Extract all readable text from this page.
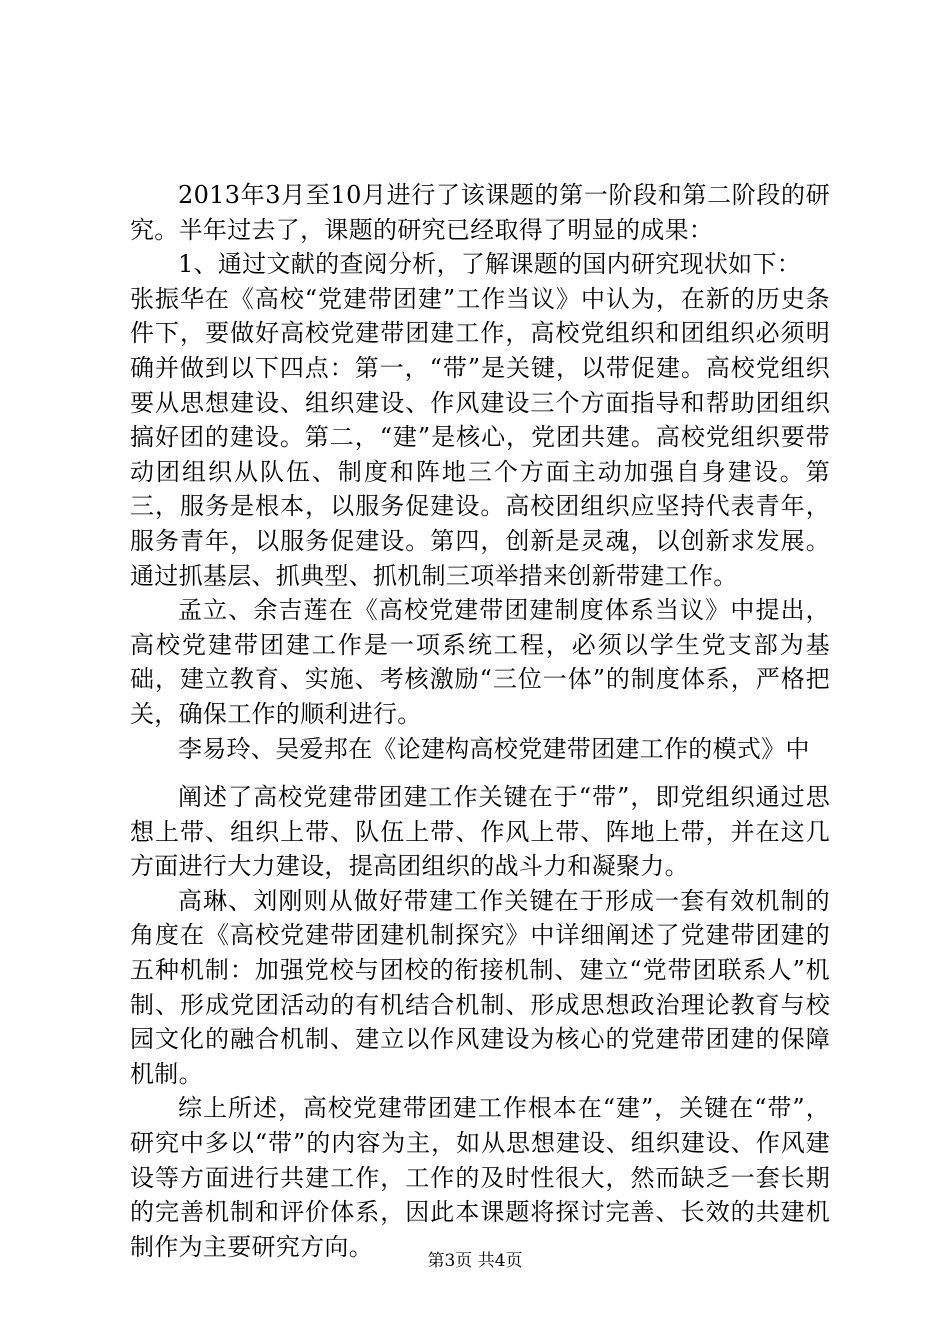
2013年3月至10月进行了该课题的第一阶段和第二阶段的研究。半年过去了，课题的研究已经取得了明显的成果：

1、通过文献的查阅分析，了解课题的国内研究现状如下：

张振华在《高校“党建带团建”工作当议》中认为，在新的历史条件下，要做好高校党建带团建工作，高校党组织和团组织必须明确并做到以下四点：第一，“带”是关键，以带促建。高校党组织要从思想建设、组织建设、作风建设三个方面指导和帮助团组织搞好团的建设。第二，“建”是核心，党团共建。高校党组织要带动团组织从队伍、制度和阵地三个方面主动加强自身建设。第三，服务是根本，以服务促建设。高校团组织应坚持代表青年，服务青年，以服务促建设。第四，创新是灵魂，以创新求发展。通过抓基层、抓典型、抓机制三项举措来创新带建工作。

孟立、余吉莲在《高校党建带团建制度体系当议》中提出，高校党建带团建工作是一项系统工程，必须以学生党支部为基础，建立教育、实施、考核激励“三位一体”的制度体系，严格把关，确保工作的顺利进行。

李易玲、吴爱邦在《论建构高校党建带团建工作的模式》中

阐述了高校党建带团建工作关键在于“带”，即党组织通过思想上带、组织上带、队伍上带、作风上带、阵地上带，并在这几方面进行大力建设，提高团组织的战斗力和凝聚力。

高琳、刘刚则从做好带建工作关键在于形成一套有效机制的角度在《高校党建带团建机制探究》中详细阐述了党建带团建的五种机制：加强党校与团校的衔接机制、建立“党带团联系人”机制、形成党团活动的有机结合机制、形成思想政治理论教育与校园文化的融合机制、建立以作风建设为核心的党建带团建的保障机制。

综上所述，高校党建带团建工作根本在“建”，关键在“带”，研究中多以“带”的内容为主，如从思想建设、组织建设、作风建设等方面进行共建工作，工作的及时性很大，然而缺乏一套长期的完善机制和评价体系，因此本课题将探讨完善、长效的共建机制作为主要研究方向。

第3页 共4页
